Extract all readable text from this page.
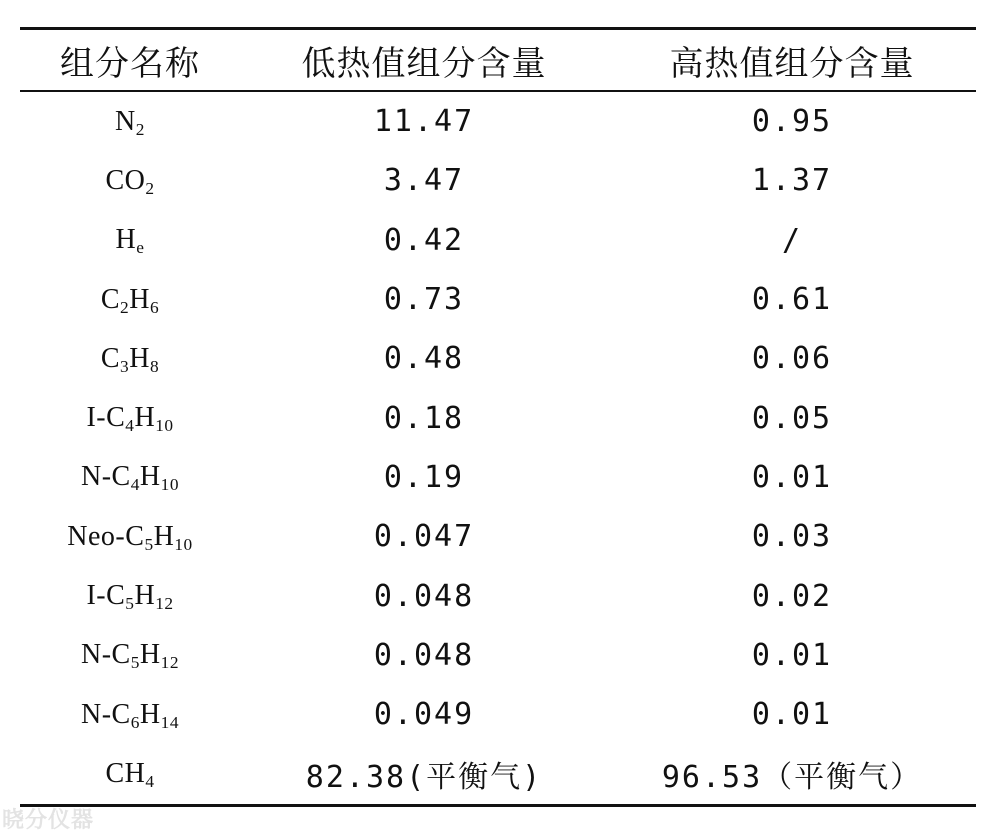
组分名称	低热值组分含量	高热值组分含量
$N_2$	11.47	0.95
$CO_2$	3.47	1.37
$H_e$	0.42	/
$C_2H_6$	0.73	0.61
$C_3H_8$	0.48	0.06
$I-C_4H_{10}$	0.18	0.05
$N-C_4H_{10}$	0.19	0.01
Neo-$C_5H_{10}$	0.047	0.03
$I-C_5H_{12}$	0.048	0.02
$N-C_5H_{12}$	0.048	0.01
$N-C_6H_{14}$	0.049	0.01
$CH_4$	82.38(平衡气)	96.53（平衡气）
晓分仪器
